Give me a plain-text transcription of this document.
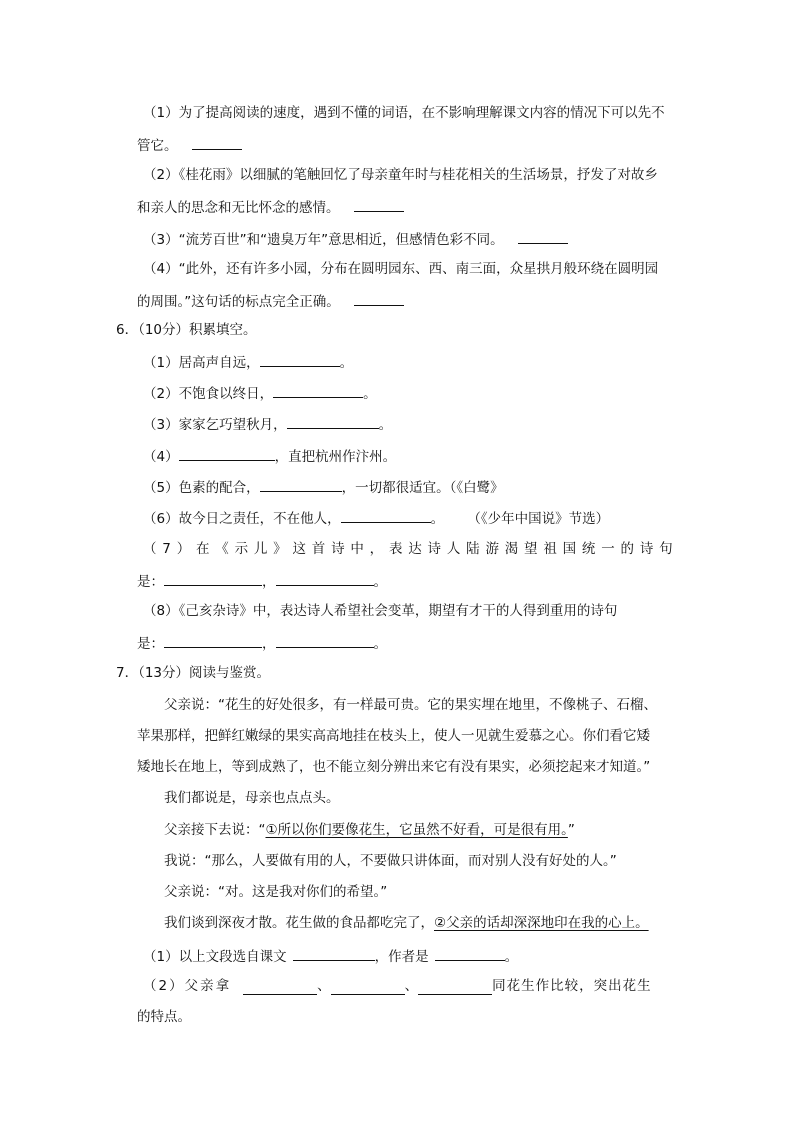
（1）为了提高阅读的速度，遇到不懂的词语，在不影响理解课文内容的情况下可以先不
管它。
（2）《桂花雨》以细腻的笔触回忆了母亲童年时与桂花相关的生活场景，抒发了对故乡
和亲人的思念和无比怀念的感情。
（3）“流芳百世”和“遗臭万年”意思相近，但感情色彩不同。
（4）“此外，还有许多小园，分布在圆明园东、西、南三面，众星拱月般环绕在圆明园
的周围。”这句话的标点完全正确。
6．（10分）积累填空。
（1）居高声自远，	。
（2）不饱食以终日，	。
（3）家家乞巧望秋月，	。
（4）	，直把杭州作汴州。
（5）色素的配合，	，一切都很适宜。（《白鹭》
（6）故今日之责任，不在他人，	。 （《少年中国说》节选）
（ 7 ） 在 《 示 儿 》 这 首 诗 中 ， 表 达 诗 人 陆 游 渴 望 祖 国 统 一 的 诗 句
是：	，	。
（8）《己亥杂诗》中，表达诗人希望社会变革，期望有才干的人得到重用的诗句
是：	，	。
7．（13分）阅读与鉴赏。
父亲说：“花生的好处很多，有一样最可贵。它的果实埋在地里，不像桃子、石榴、
苹果那样，把鲜红嫩绿的果实高高地挂在枝头上，使人一见就生爱慕之心。你们看它矮
矮地长在地上，等到成熟了，也不能立刻分辨出来它有没有果实，必须挖起来才知道。”
我们都说是，母亲也点点头。
父亲接下去说：“①所以你们要像花生，它虽然不好看，可是很有用。”
我说：“那么，人要做有用的人，不要做只讲体面，而对别人没有好处的人。”
父亲说：“对。这是我对你们的希望。”
我们谈到深夜才散。花生做的食品都吃完了，②父亲的话却深深地印在我的心上。
（1）以上文段选自课文	，作者是	。
（2）父亲拿	、	、	同花生作比较，突出花生
的特点。
